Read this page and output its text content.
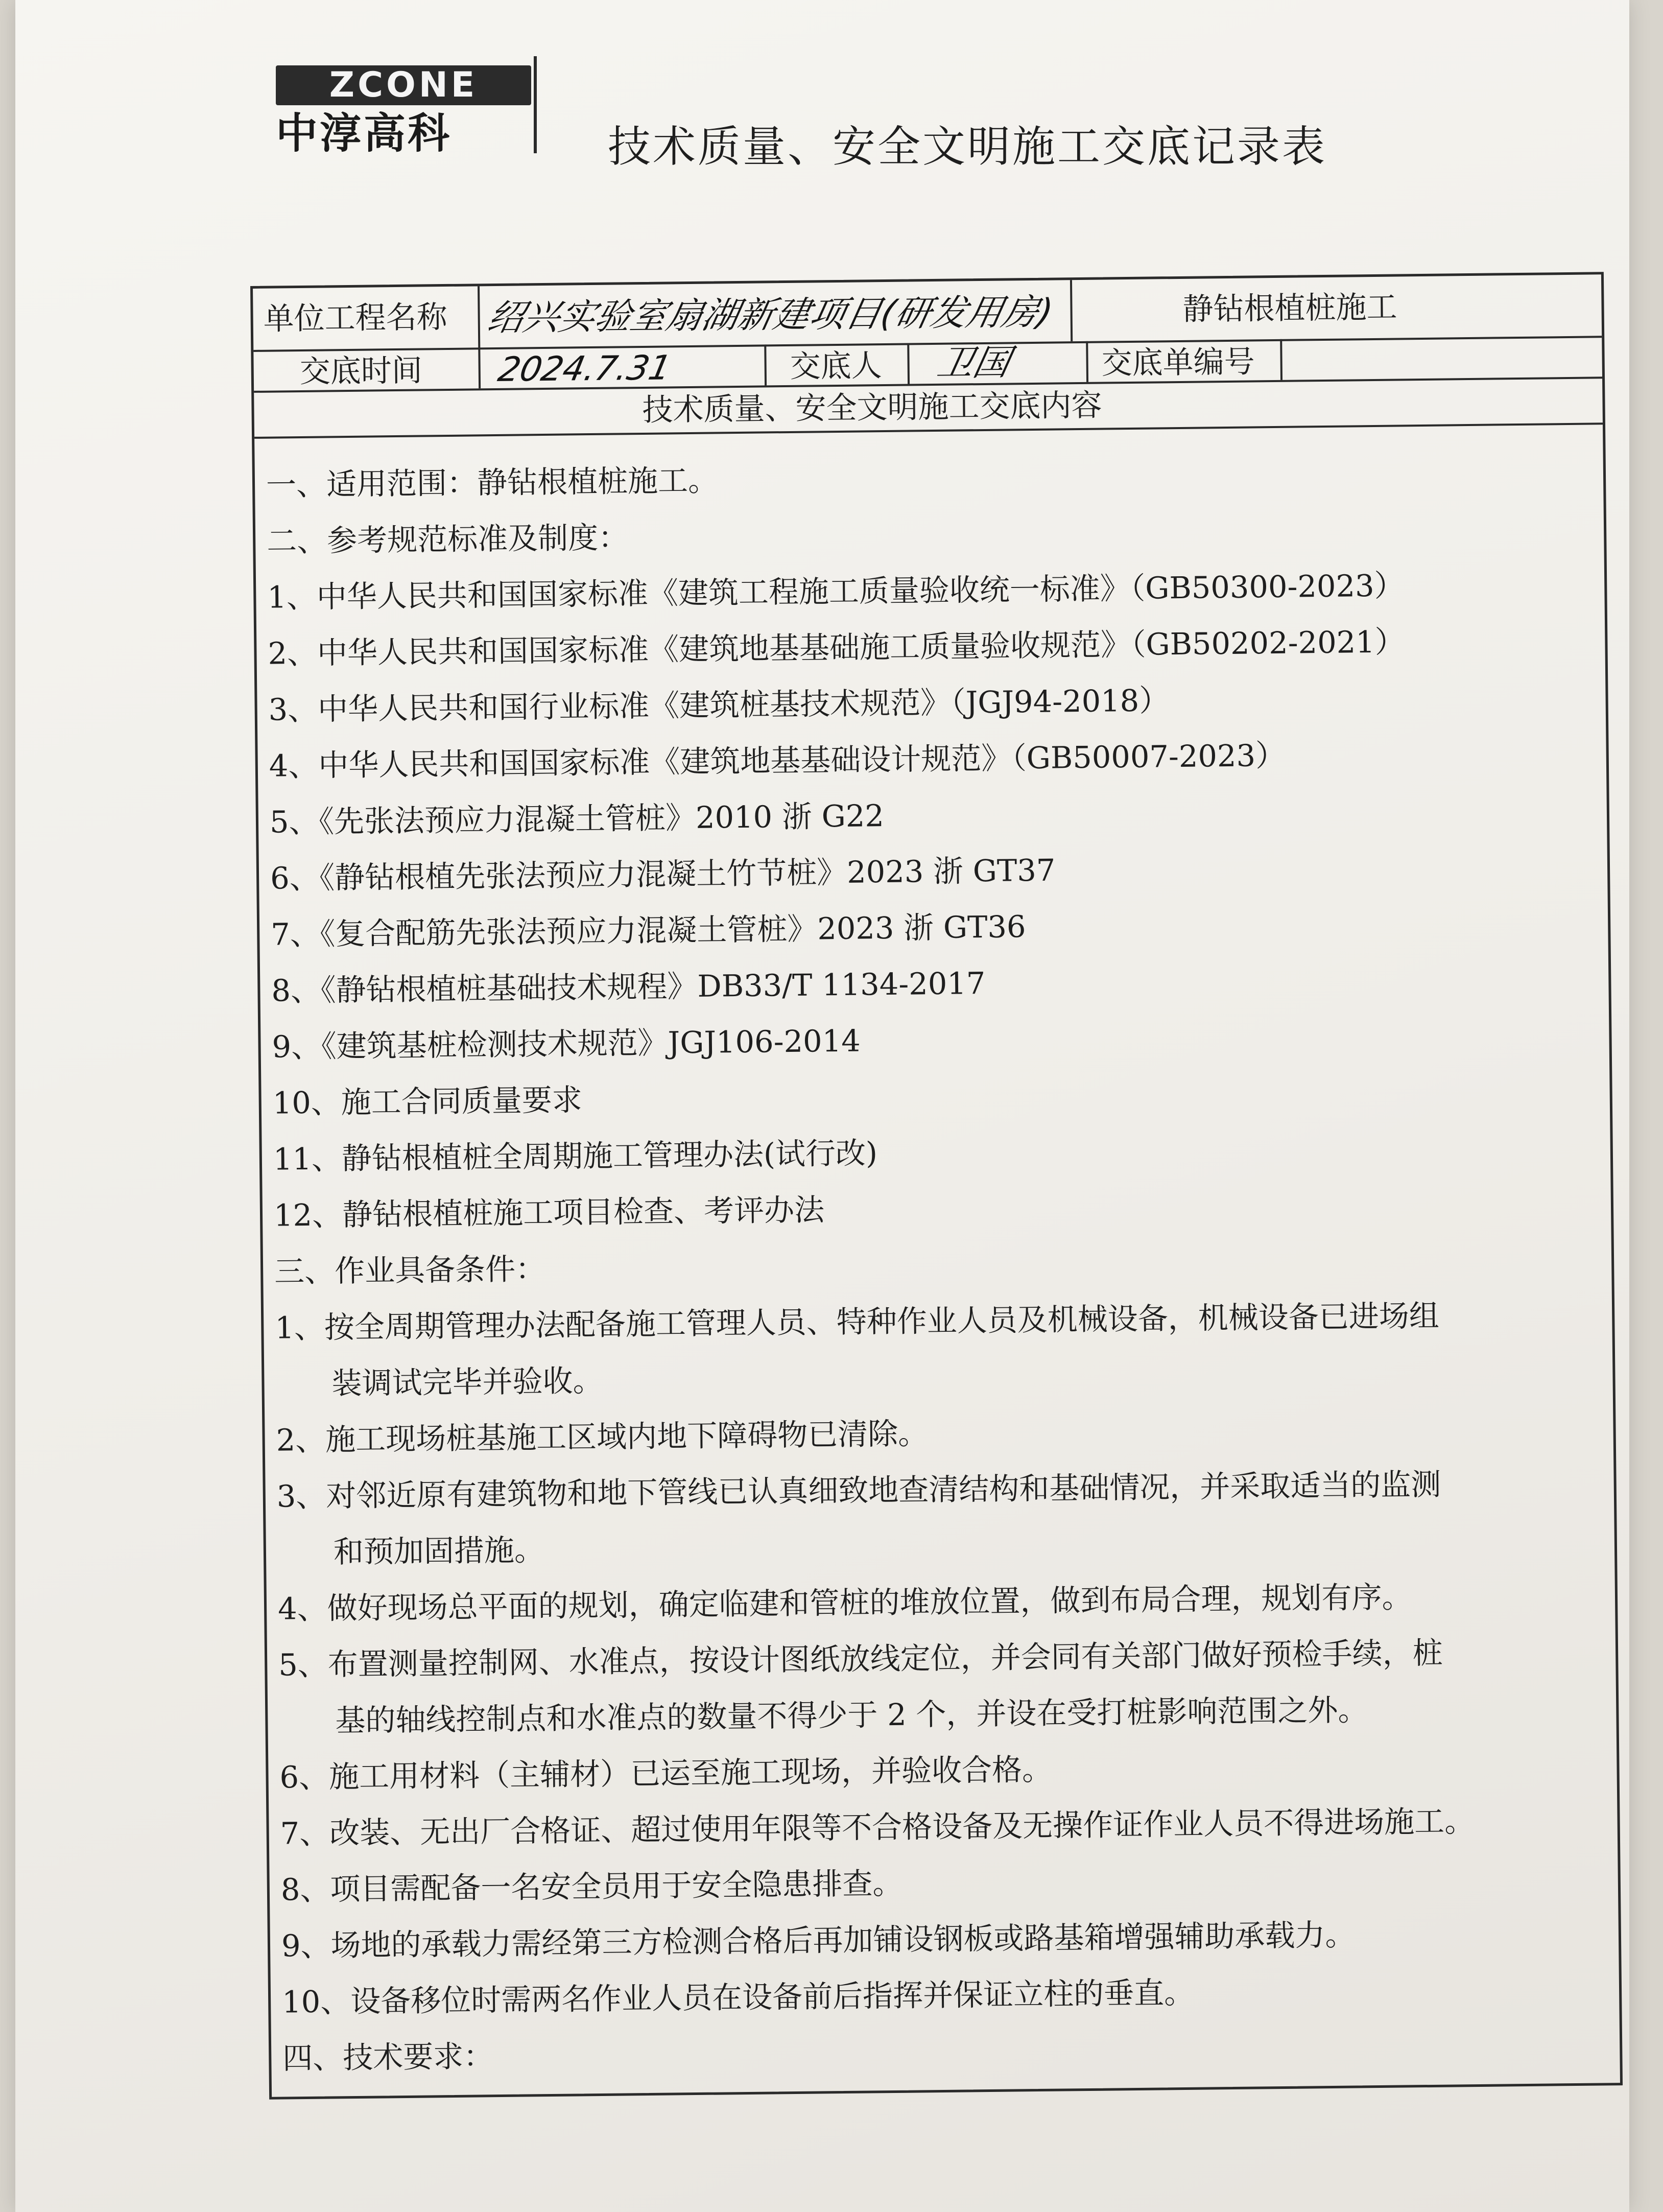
ZCONE
中淳高科	技术质量、安全文明施工交底记录表
单位工程名称 绍兴实验室扇湖新建项目(研发用房)	静钻根植桩施工
交底时间 2024.7.31	交底人 卫国	交底单编号
技术质量、安全文明施工交底内容
一、适用范围：静钻根植桩施工。
二、参考规范标准及制度：
1、中华人民共和国国家标准《建筑工程施工质量验收统一标准》（GB50300-2023）
2、中华人民共和国国家标准《建筑地基基础施工质量验收规范》（GB50202-2021）
3、中华人民共和国行业标准《建筑桩基技术规范》（JGJ94-2018）
4、中华人民共和国国家标准《建筑地基基础设计规范》（GB50007-2023）
5、《先张法预应力混凝土管桩》2010 浙 G22
6、《静钻根植先张法预应力混凝土竹节桩》2023 浙 GT37
7、《复合配筋先张法预应力混凝土管桩》2023 浙 GT36
8、《静钻根植桩基础技术规程》DB33/T 1134-2017
9、《建筑基桩检测技术规范》JGJ106-2014
10、施工合同质量要求
11、静钻根植桩全周期施工管理办法(试行改)
12、静钻根植桩施工项目检查、考评办法
三、作业具备条件：
1、按全周期管理办法配备施工管理人员、特种作业人员及机械设备，机械设备已进场组
装调试完毕并验收。
2、施工现场桩基施工区域内地下障碍物已清除。
3、对邻近原有建筑物和地下管线已认真细致地查清结构和基础情况，并采取适当的监测
和预加固措施。
4、做好现场总平面的规划，确定临建和管桩的堆放位置，做到布局合理，规划有序。
5、布置测量控制网、水准点，按设计图纸放线定位，并会同有关部门做好预检手续，桩
基的轴线控制点和水准点的数量不得少于 2 个，并设在受打桩影响范围之外。
6、施工用材料（主辅材）已运至施工现场，并验收合格。
7、改装、无出厂合格证、超过使用年限等不合格设备及无操作证作业人员不得进场施工。
8、项目需配备一名安全员用于安全隐患排查。
9、场地的承载力需经第三方检测合格后再加铺设钢板或路基箱增强辅助承载力。
10、设备移位时需两名作业人员在设备前后指挥并保证立柱的垂直。
四、技术要求：
